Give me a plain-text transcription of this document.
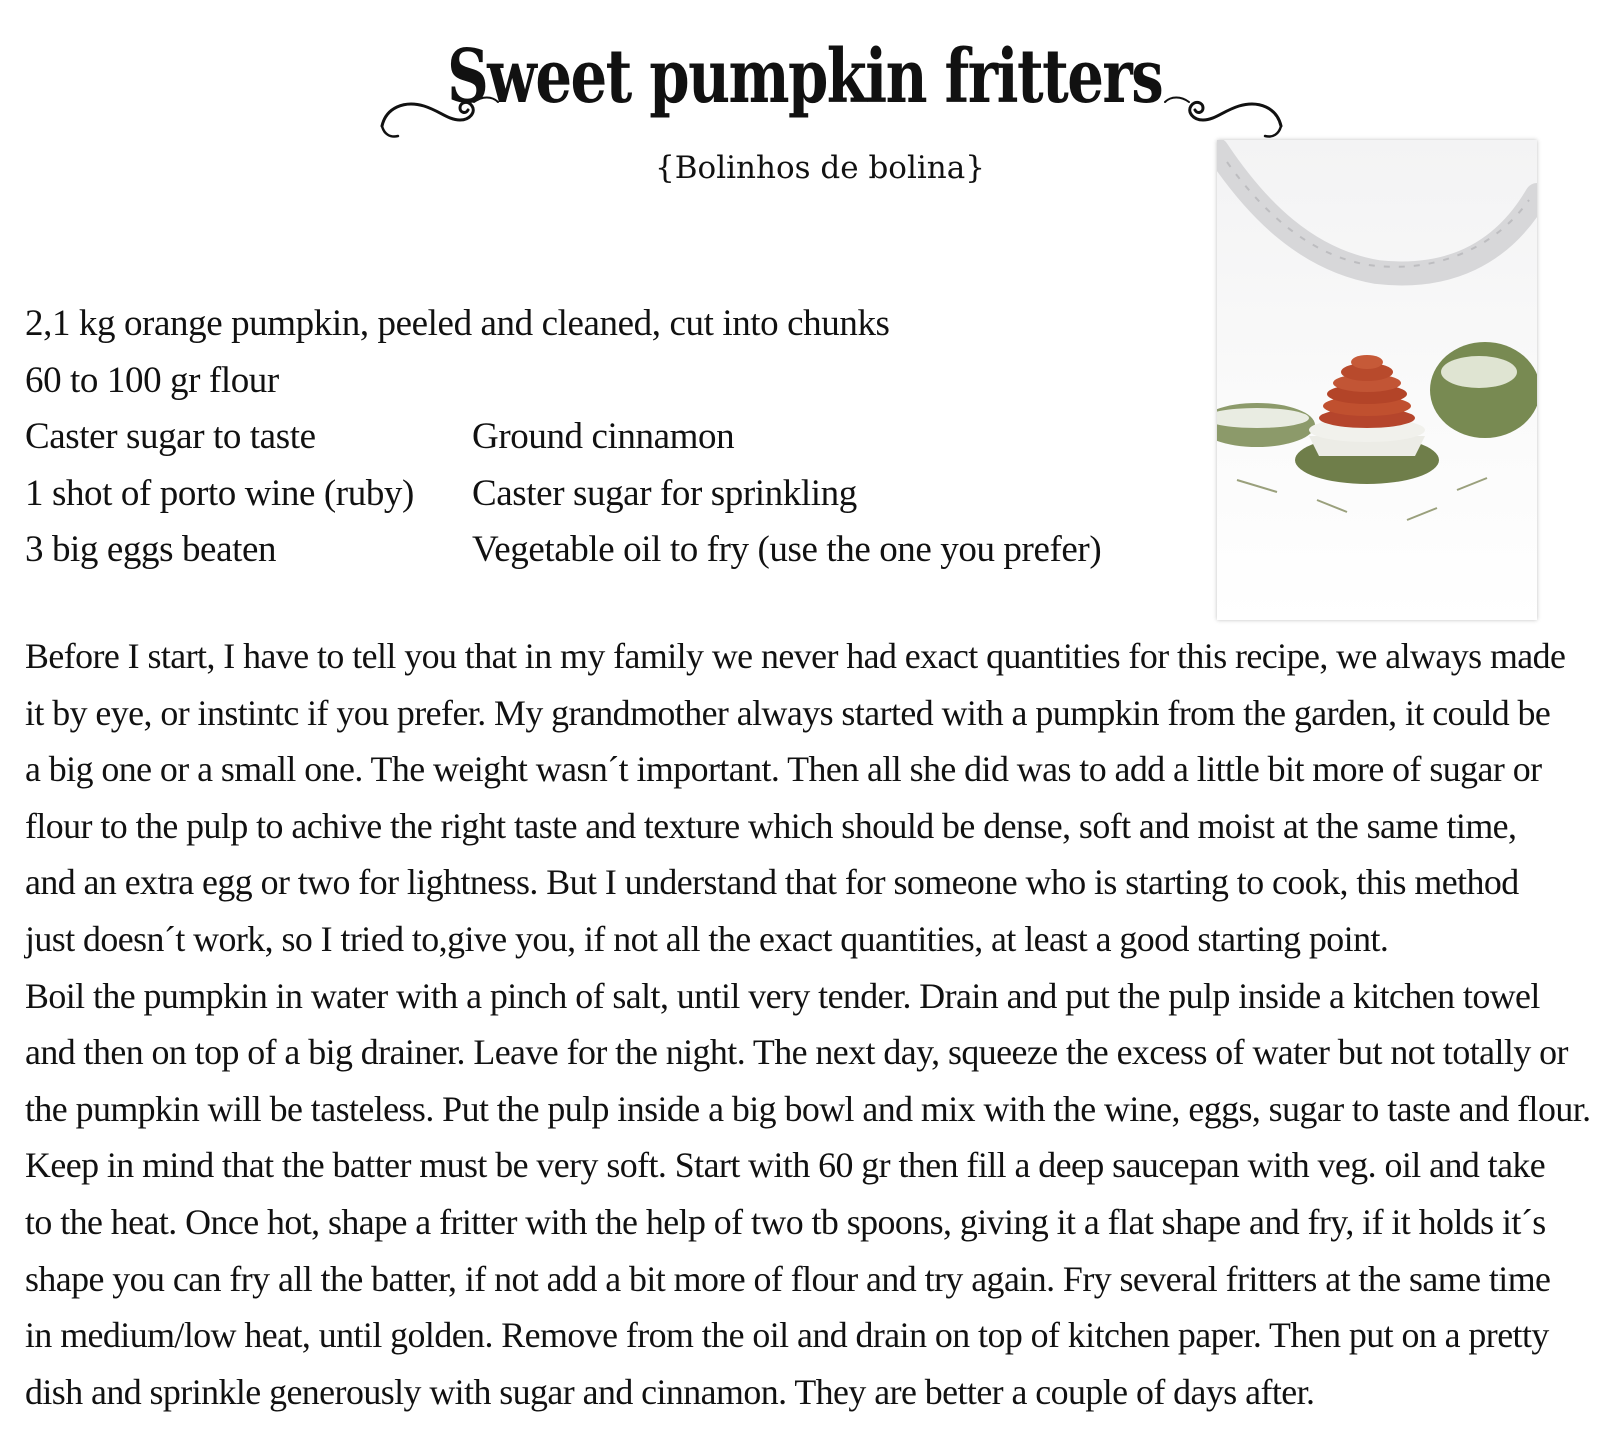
Sweet pumpkin fritters
{Bolinhos de bolina}
2,1 kg orange pumpkin, peeled and cleaned, cut into chunks
60 to 100 gr flour
Caster sugar to taste	Ground cinnamon
1 shot of porto wine (ruby) Caster sugar for sprinkling
3 big eggs beaten	Vegetable oil to fry (use the one you prefer)
Before I start, I have to tell you that in my family we never had exact quantities for this recipe, we always made
it by eye, or instintc if you prefer. My grandmother always started with a pumpkin from the garden, it could be
a big one or a small one. The weight wasn´t important. Then all she did was to add a little bit more of sugar or
flour to the pulp to achive the right taste and texture which should be dense, soft and moist at the same time,
and an extra egg or two for lightness. But I understand that for someone who is starting to cook, this method
just doesn´t work, so I tried to,give you, if not all the exact quantities, at least a good starting point.
Boil the pumpkin in water with a pinch of salt, until very tender. Drain and put the pulp inside a kitchen towel
and then on top of a big drainer. Leave for the night. The next day, squeeze the excess of water but not totally or
the pumpkin will be tasteless. Put the pulp inside a big bowl and mix with the wine, eggs, sugar to taste and flour.
Keep in mind that the batter must be very soft. Start with 60 gr then fill a deep saucepan with veg. oil and take
to the heat. Once hot, shape a fritter with the help of two tb spoons, giving it a flat shape and fry, if it holds it´s
shape you can fry all the batter, if not add a bit more of flour and try again. Fry several fritters at the same time
in medium/low heat, until golden. Remove from the oil and drain on top of kitchen paper. Then put on a pretty
dish and sprinkle generously with sugar and cinnamon. They are better a couple of days after.
